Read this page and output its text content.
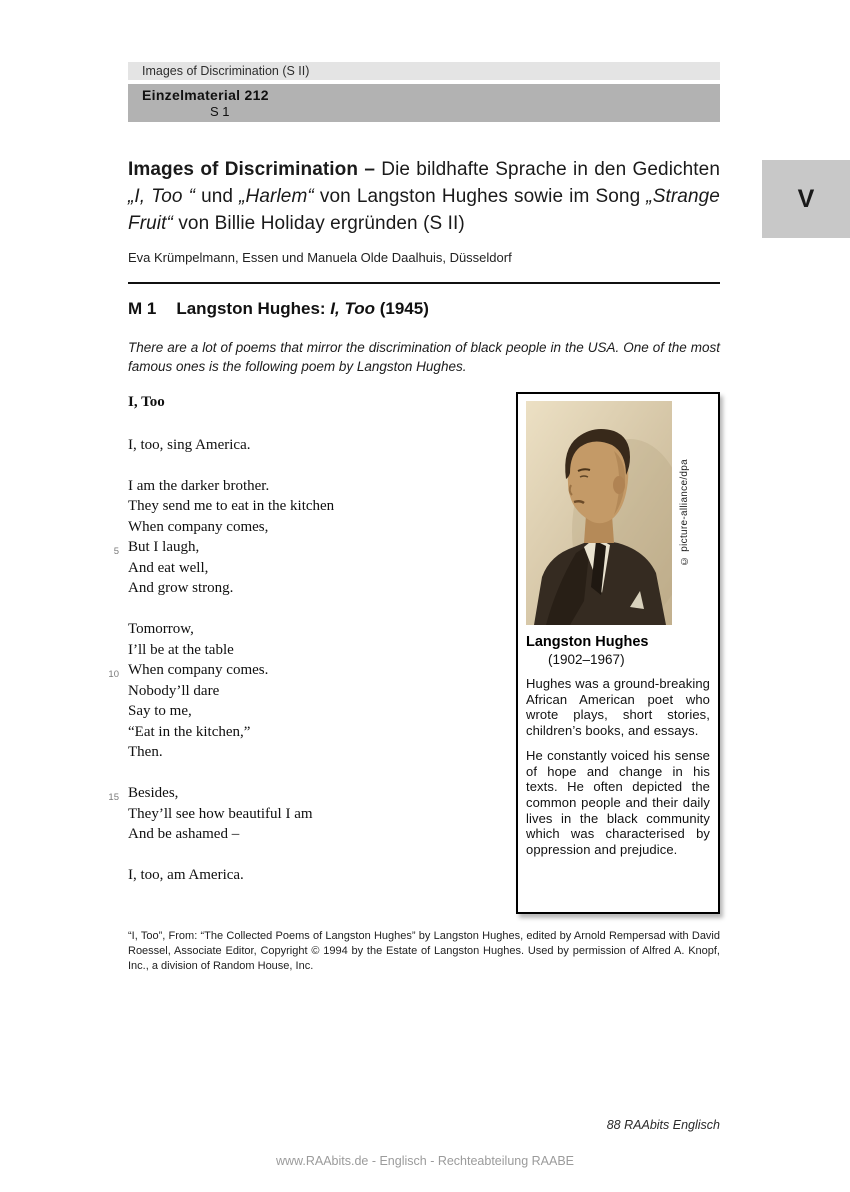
Images of Discrimination (S II)
Einzelmaterial 212
S 1
V
Images of Discrimination – Die bildhafte Sprache in den Gedichten „I, Too “ und „Harlem“ von Langston Hughes sowie im Song „Strange Fruit“ von Billie Holiday ergründen (S II)
Eva Krümpelmann, Essen und Manuela Olde Daalhuis, Düsseldorf
M 1 Langston Hughes: I, Too (1945)
There are a lot of poems that mirror the discrimination of black people in the USA. One of the most famous ones is the following poem by Langston Hughes.
I, Too
I, too, sing America.
I am the darker brother.
They send me to eat in the kitchen
When company comes,
5 But I laugh,
And eat well,
And grow strong.
Tomorrow,
I’ll be at the table
10 When company comes.
Nobody’ll dare
Say to me,
“Eat in the kitchen,”
Then.
15 Besides,
They’ll see how beautiful I am
And be ashamed –
I, too, am America.
© picture-alliance/dpa
Langston Hughes
(1902–1967)
Hughes was a ground-breaking African American poet who wrote plays, short stories, children’s books, and essays.
He constantly voiced his sense of hope and change in his texts. He often depicted the common people and their daily lives in the black community which was characterised by oppression and prejudice.
“I, Too”, From: “The Collected Poems of Langston Hughes” by Langston Hughes, edited by Arnold Rempersad with David Roessel, Associate Editor, Copyright © 1994 by the Estate of Langston Hughes. Used by permission of Alfred A. Knopf, Inc., a division of Random House, Inc.
88 RAAbits Englisch
www.RAAbits.de - Englisch - Rechteabteilung RAABE
